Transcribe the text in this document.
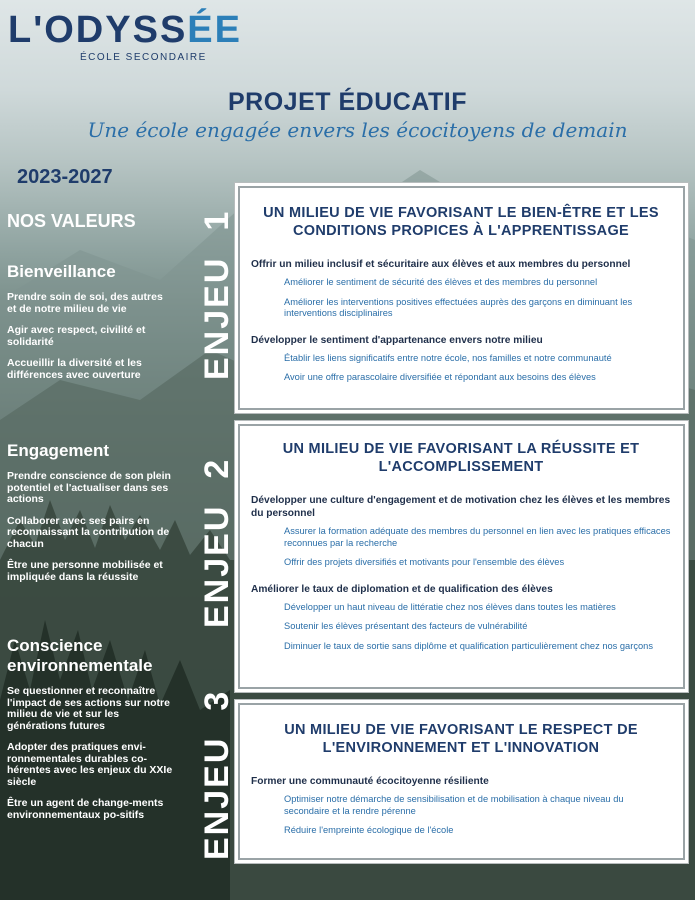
L'ODYSSÉE
ÉCOLE SECONDAIRE
PROJET ÉDUCATIF
Une école engagée envers les écocitoyens de demain
2023-2027
NOS VALEURS
Bienveillance

Prendre soin de soi, des autres et de notre milieu de vie

Agir avec respect, civilité et solidarité

Accueillir la diversité et les différences avec ouverture

Engagement

Prendre conscience de son plein potentiel et l'actualiser dans ses actions

Collaborer avec ses pairs en reconnaissant la contribution de chacun

Être une personne mobilisée et impliquée dans la réussite

Conscience environnementale

Se questionner et reconnaître l'impact de ses actions sur notre milieu de vie et sur les générations futures

Adopter des pratiques envi-ronnementales durables co-hérentes avec les enjeux du XXIe siècle

Être un agent de change-ments environnementaux po-sitifs

ENJEU1
ENJEU2
ENJEU3
UN MILIEU DE VIE FAVORISANT LE BIEN-ÊTRE ET LES CONDITIONS PROPICES À L'APPRENTISSAGE
Offrir un milieu inclusif et sécuritaire aux élèves et aux membres du personnel
Améliorer le sentiment de sécurité des élèves et des membres du personnel
Améliorer les interventions positives effectuées auprès des garçons en diminuant les interventions disciplinaires
Développer le sentiment d'appartenance envers notre milieu
Établir les liens significatifs entre notre école, nos familles et notre communauté
Avoir une offre parascolaire diversifiée et répondant aux besoins des élèves
UN MILIEU DE VIE FAVORISANT LA RÉUSSITE ET L'ACCOMPLISSEMENT
Développer une culture d'engagement et de motivation chez les élèves et les membres du personnel
Assurer la formation adéquate des membres du personnel en lien avec les pratiques efficaces reconnues par la recherche
Offrir des projets diversifiés et motivants pour l'ensemble des élèves
Améliorer le taux de diplomation et de qualification des élèves
Développer un haut niveau de littératie chez nos élèves dans toutes les matières
Soutenir les élèves présentant des facteurs de vulnérabilité
Diminuer le taux de sortie sans diplôme et qualification particulièrement chez nos garçons
UN MILIEU DE VIE FAVORISANT LE RESPECT DE L'ENVIRONNEMENT ET L'INNOVATION
Former une communauté écocitoyenne résiliente
Optimiser notre démarche de sensibilisation et de mobilisation à chaque niveau du secondaire et la rendre pérenne
Réduire l'empreinte écologique de l'école
